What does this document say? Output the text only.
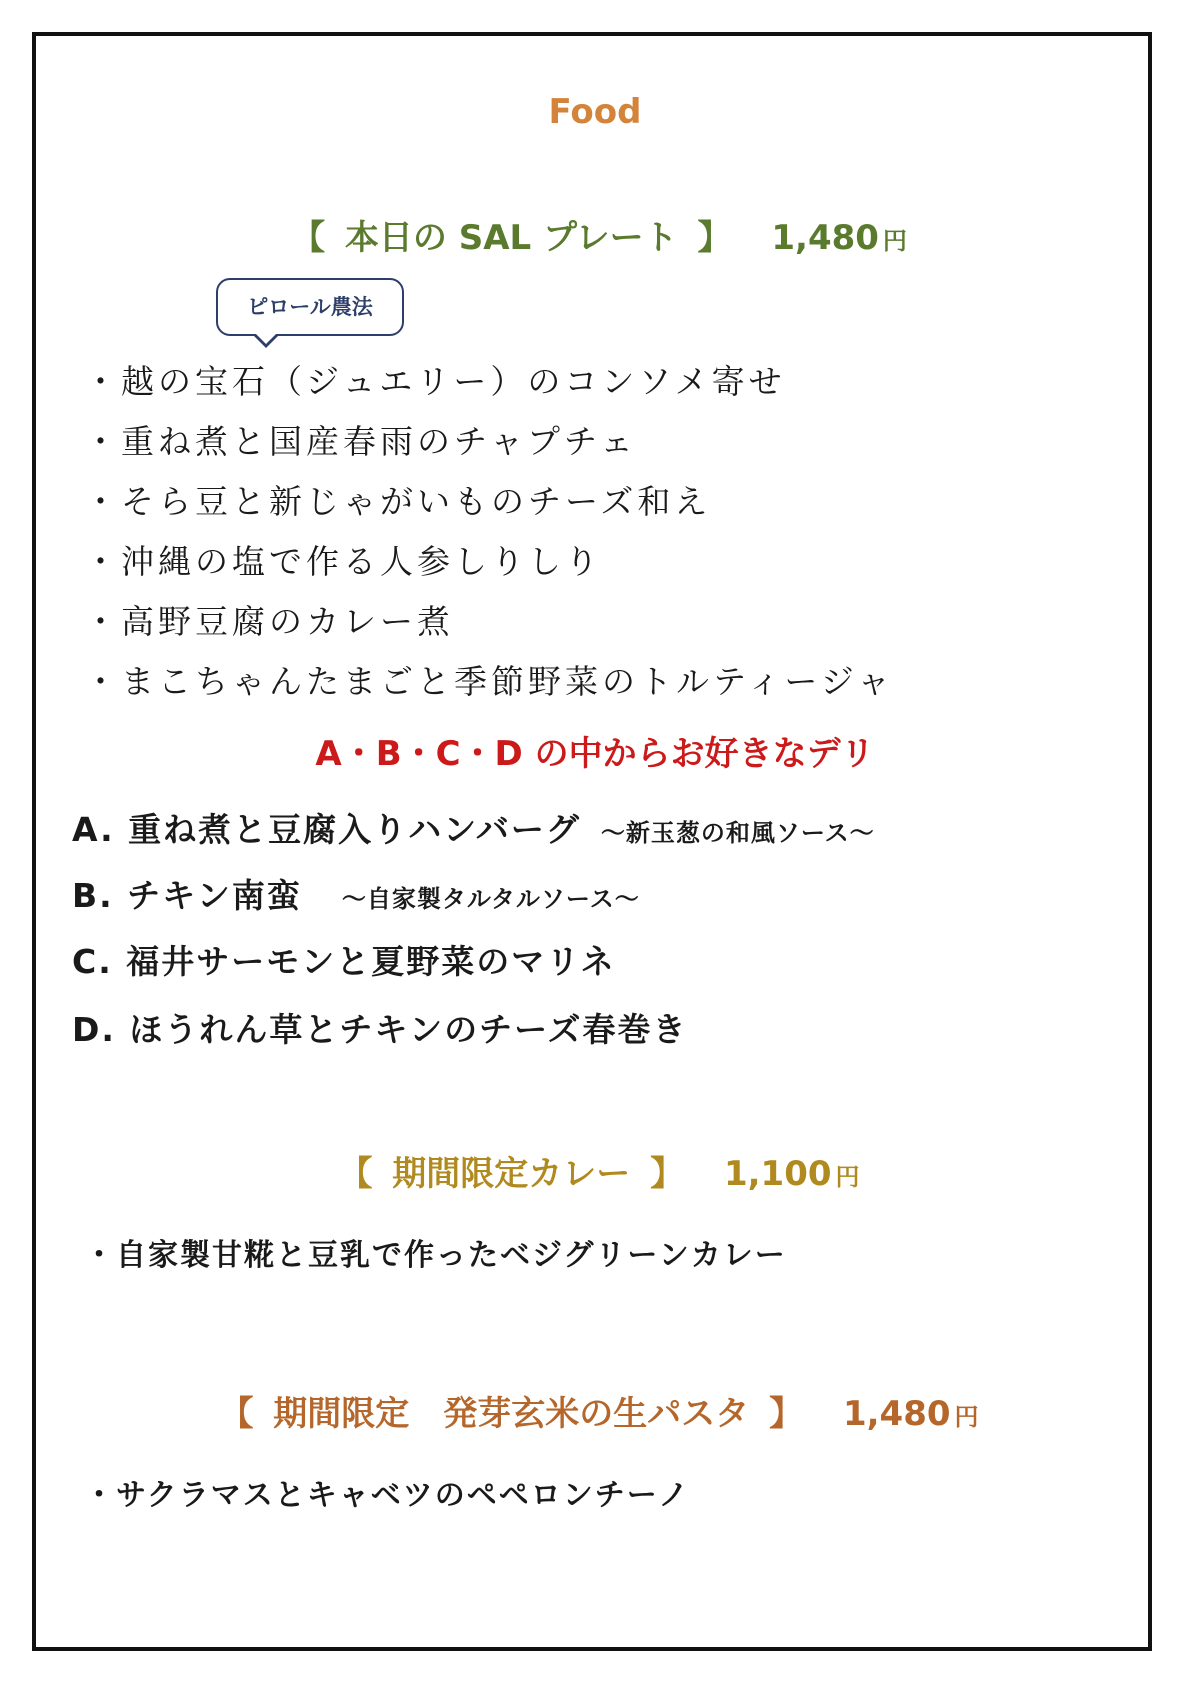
Food
【 本日の SAL プレート 】 1,480 円
ピロール農法
・越の宝石（ジュエリー）のコンソメ寄せ
・重ね煮と国産春雨のチャプチェ
・そら豆と新じゃがいものチーズ和え
・沖縄の塩で作る人参しりしり
・高野豆腐のカレー煮
・まこちゃんたまごと季節野菜のトルティージャ
A・B・C・D の中からお好きなデリ
A. 重ね煮と豆腐入りハンバーグ ～新玉葱の和風ソース～
B. チキン南蛮 ～自家製タルタルソース～
C. 福井サーモンと夏野菜のマリネ
D. ほうれん草とチキンのチーズ春巻き
【 期間限定カレー 】 1,100 円
・自家製甘糀と豆乳で作ったベジグリーンカレー
【 期間限定　発芽玄米の生パスタ 】 1,480 円
・サクラマスとキャベツのペペロンチーノ
